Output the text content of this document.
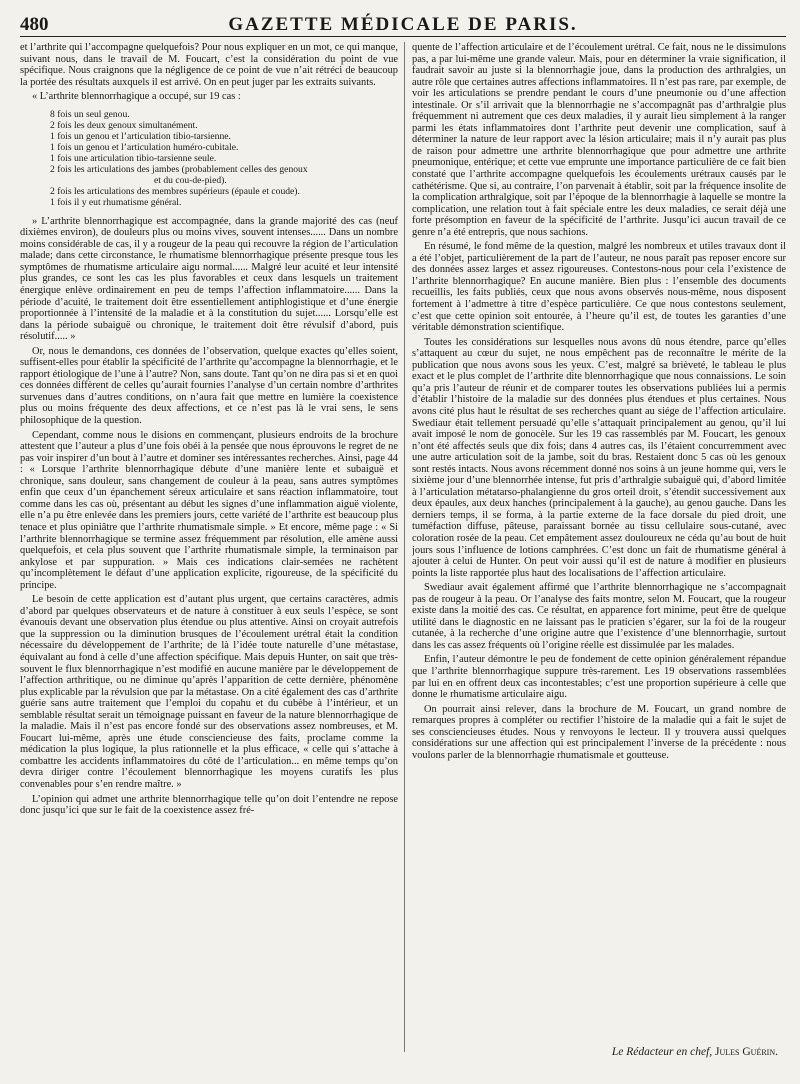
480	GAZETTE MÉDICALE DE PARIS.

et l’arthrite qui l’accompagne quelquefois? Pour nous expliquer en un mot, ce qui manque, suivant nous, dans le travail de M. Foucart, c’est la considération du point de vue spécifique. Nous craignons que la négligence de ce point de vue n’ait rétréci de beaucoup la portée des résultats auxquels il est arrivé. On en peut juger par les extraits suivants.

« L’arthrite blennorrhagique a occupé, sur 19 cas :

8 fois un seul genou.
2 fois les deux genoux simultanément.
1 fois un genou et l’articulation tibio-tarsienne.
1 fois un genou et l’articulation huméro-cubitale.
1 fois une articulation tibio-tarsienne seule.
2 fois les articulations des jambes (probablement celles des genoux
et du cou-de-pied).
2 fois les articulations des membres supérieurs (épaule et coude).
1 fois il y eut rhumatisme général.

» L’arthrite blennorrhagique est accompagnée, dans la grande majorité des cas (neuf dixièmes environ), de douleurs plus ou moins vives, souvent intenses...... Dans un nombre moins considérable de cas, il y a rougeur de la peau qui recouvre la région de l’articulation malade; dans cette circonstance, le rhumatisme blennorrhagique présente presque tous les symptômes de rhumatisme articulaire aigu normal...... Malgré leur acuité et leur intensité plus grandes, ce sont les cas les plus favorables et ceux dans lesquels un traitement énergique enlève ordinairement en peu de temps l’affection inflammatoire...... Dans la période d’acuité, le traitement doit être essentiellement antiphlogistique et d’une énergie proportionnée à l’intensité de la maladie et à la constitution du sujet...... Lorsqu’elle est dans la période subaiguë ou chronique, le traitement doit être révulsif d’abord, puis résolutif..... »

Or, nous le demandons, ces données de l’observation, quelque exactes qu’elles soient, suffisent-elles pour établir la spécificité de l’arthrite qu’accompagne la blennorrhagie, et le rapport étiologique de l’une à l’autre? Non, sans doute. Tant qu’on ne dira pas si et en quoi ces données diffèrent de celles qu’aurait fournies l’analyse d’un certain nombre d’arthrites survenues dans d’autres conditions, on n’aura fait que mettre en lumière la coexistence plus ou moins fréquente des deux affections, et ce n’est pas là le vrai sens, le sens philosophique de la question.

Cependant, comme nous le disions en commençant, plusieurs endroits de la brochure attestent que l’auteur a plus d’une fois obéi à la pensée que nous éprouvons le regret de ne pas voir inspirer d’un bout à l’autre et dominer ses intéressantes recherches. Ainsi, page 44 : « Lorsque l’arthrite blennorrhagique débute d’une manière lente et subaiguë et chronique, sans douleur, sans changement de couleur à la peau, sans autres symptômes enfin que ceux d’un épanchement séreux articulaire et sans réaction inflammatoire, tout comme dans les cas où, présentant au début les signes d’une inflammation aiguë violente, elle n’a pu être enlevée dans les premiers jours, cette variété de l’arthrite est beaucoup plus tenace et plus opiniâtre que l’arthrite rhumatismale simple. » Et encore, même page : « Si l’arthrite blennorrhagique se termine assez fréquemment par résolution, elle amène aussi quelquefois, et cela plus souvent que l’arthrite rhumatismale simple, la terminaison par ankylose et par suppuration. » Mais ces indications clair-semées ne rachètent qu’incomplètement le défaut d’une application explicite, rigoureuse, de la spécificité du principe.

Le besoin de cette application est d’autant plus urgent, que certains caractères, admis d’abord par quelques observateurs et de nature à constituer à eux seuls l’espèce, se sont évanouis devant une observation plus étendue ou plus attentive. Ainsi on croyait autrefois que la suppression ou la diminution brusques de l’écoulement urétral était la condition nécessaire du développement de l’arthrite; de là l’idée toute naturelle d’une métastase, équivalant au fond à celle d’une affection spécifique. Mais depuis Hunter, on sait que très-souvent le flux blennorrhagique n’est modifié en aucune manière par le développement de l’affection arthritique, ou ne diminue qu’après l’apparition de cette dernière, phénomène plus explicable par la révulsion que par la métastase. On a cité également des cas d’arthrite guérie sans autre traitement que l’emploi du copahu et du cubèbe à l’intérieur, et un semblable résultat serait un témoignage puissant en faveur de la nature blennorrhagique de la maladie. Mais il n’est pas encore fondé sur des observations assez nombreuses, et M. Foucart lui-même, après une étude consciencieuse des faits, proclame comme la médication la plus logique, la plus rationnelle et la plus efficace, « celle qui s’attache à combattre les accidents inflammatoires du côté de l’articulation... en même temps qu’on devra diriger contre l’écoulement blennorrhagique les moyens curatifs les plus convenables pour s’en rendre maître. »

L’opinion qui admet une arthrite blennorrhagique telle qu’on doit l’entendre ne repose donc jusqu’ici que sur le fait de la coexistence assez fré-

quente de l’affection articulaire et de l’écoulement urétral. Ce fait, nous ne le dissimulons pas, a par lui-même une grande valeur. Mais, pour en déterminer la vraie signification, il faudrait savoir au juste si la blennorrhagie joue, dans la production des arthralgies, un autre rôle que certaines autres affections inflammatoires. Il n’est pas rare, par exemple, de voir les articulations se prendre pendant le cours d’une pneumonie ou d’une affection intestinale. Or s’il arrivait que la blennorrhagie ne s’accompagnât pas d’arthralgie plus fréquemment ni autrement que ces deux maladies, il y aurait lieu simplement à la ranger parmi les états inflammatoires dont l’arthrite peut devenir une complication, sauf à déterminer la nature de leur rapport avec la lésion articulaire; mais il n’y aurait pas plus de raison pour admettre une arthrite blennorrhagique que pour admettre une arthrite pneumonique, entérique; et cette vue emprunte une importance particulière de ce fait bien constaté que l’arthrite accompagne quelquefois les écoulements urétraux causés par le cathétérisme. Que si, au contraire, l’on parvenait à établir, soit par la fréquence insolite de la complication arthralgique, soit par l’époque de la blennorrhagie à laquelle se montre la complication, une relation tout à fait spéciale entre les deux maladies, ce serait déjà une forte présomption en faveur de la spécificité de l’arthrite. Jusqu’ici aucun travail de ce genre n’a été entrepris, que nous sachions.

En résumé, le fond même de la question, malgré les nombreux et utiles travaux dont il a été l’objet, particulièrement de la part de l’auteur, ne nous paraît pas reposer encore sur des données assez larges et assez rigoureuses. Contestons-nous pour cela l’existence de l’arthrite blennorrhagique? En aucune manière. Bien plus : l’ensemble des documents recueillis, les faits publiés, ceux que nous avons observés nous-même, nous disposent fortement à l’admettre à titre d’espèce particulière. Ce que nous contestons seulement, c’est que cette opinion soit entourée, à l’heure qu’il est, de toutes les garanties d’une véritable démonstration scientifique.

Toutes les considérations sur lesquelles nous avons dû nous étendre, parce qu’elles s’attaquent au cœur du sujet, ne nous empêchent pas de reconnaître le mérite de la publication que nous avons sous les yeux. C’est, malgré sa brièveté, le tableau le plus exact et le plus complet de l’arthrite dite blennorrhagique que nous connaissions. Le soin qu’a pris l’auteur de réunir et de comparer toutes les observations publiées lui a permis d’établir l’histoire de la maladie sur des données plus étendues et plus certaines. Nous avons cité plus haut le résultat de ses recherches quant au siége de l’affection articulaire. Swediaur était tellement persuadé qu’elle s’attaquait principalement au genou, qu’il lui avait imposé le nom de gonocèle. Sur les 19 cas rassemblés par M. Foucart, les genoux n’ont été affectés seuls que dix fois; dans 4 autres cas, ils l’étaient concurremment avec une autre articulation soit de la jambe, soit du bras. Restaient donc 5 cas où les genoux sont restés intacts. Nous avons récemment donné nos soins à un jeune homme qui, vers le sixième jour d’une blennorrhée intense, fut pris d’arthralgie subaiguë qui, d’abord limitée à l’articulation métatarso-phalangienne du gros orteil droit, s’étendit successivement aux deux épaules, aux deux hanches (principalement à la gauche), au genou gauche. Dans les derniers temps, il se forma, à la partie externe de la face dorsale du pied droit, une tuméfaction diffuse, pâteuse, paraissant bornée au tissu cellulaire sous-cutané, avec coloration rosée de la peau. Cet empâtement assez douloureux ne céda qu’au bout de huit jours sous l’influence de lotions camphrées. C’est donc un fait de rhumatisme général à ajouter à celui de Hunter. On peut voir aussi qu’il est de nature à modifier en plusieurs points la liste rapportée plus haut des localisations de l’affection articulaire.

Swediaur avait également affirmé que l’arthrite blennorrhagique ne s’accompagnait pas de rougeur à la peau. Or l’analyse des faits montre, selon M. Foucart, que la rougeur existe dans la moitié des cas. Ce résultat, en apparence fort minime, peut être de quelque utilité dans le diagnostic en ne laissant pas le praticien s’égarer, sur la foi de la rougeur cutanée, à la recherche d’une origine autre que l’existence d’une blennorrhagie, surtout dans les cas assez fréquents où l’origine réelle est dissimulée par les malades.

Enfin, l’auteur démontre le peu de fondement de cette opinion généralement répandue que l’arthrite blennorrhagique suppure très-rarement. Les 19 observations rassemblées par lui en en offrent deux cas incontestables; c’est une proportion supérieure à celle que donne le rhumatisme articulaire aigu.

On pourrait ainsi relever, dans la brochure de M. Foucart, un grand nombre de remarques propres à compléter ou rectifier l’histoire de la maladie qui a fait le sujet de ses consciencieuses études. Nous y renvoyons le lecteur. Il y trouvera aussi quelques considérations sur une affection qui est principalement l’inverse de la précédente : nous voulons parler de la blennorrhagie rhumatismale et goutteuse.

Le Rédacteur en chef, Jules Guérin.
